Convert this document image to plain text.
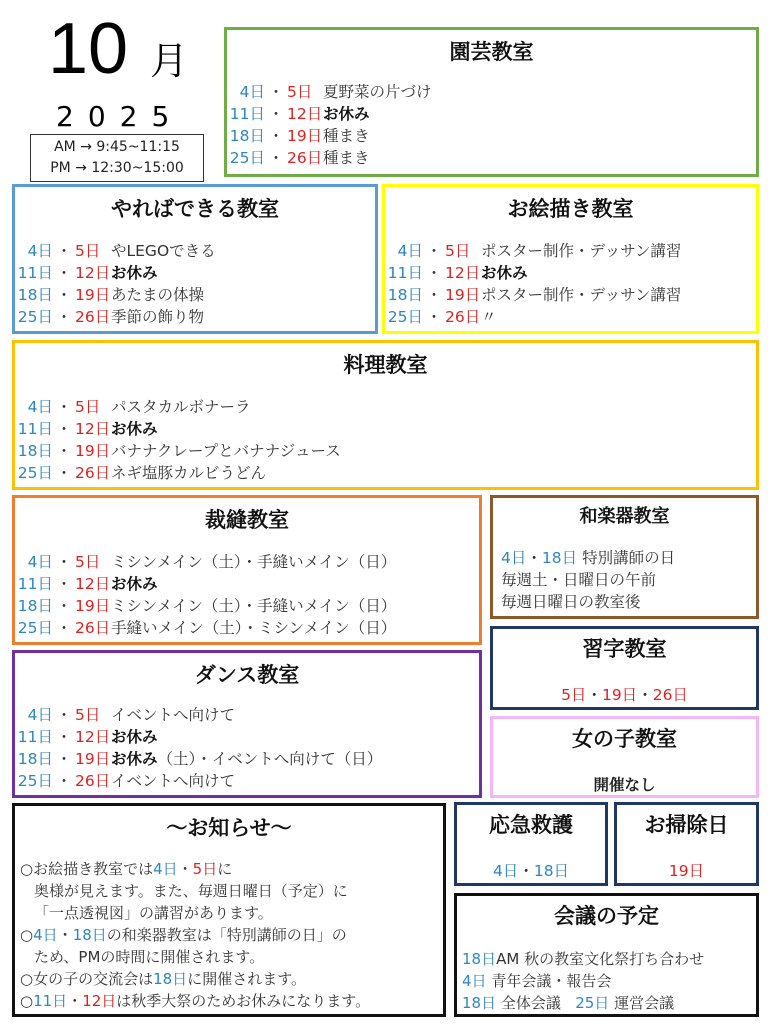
10 月
2025
AM → 9:45~11:15
PM → 12:30~15:00
園芸教室
4日 ・ 5日 夏野菜の片づけ
11日 ・ 12日お休み
18日 ・ 19日種まき
25日 ・ 26日種まき
やればできる教室
4日 ・ 5日 やLEGOできる
11日 ・ 12日お休み
18日 ・ 19日あたまの体操
25日 ・ 26日季節の飾り物
お絵描き教室
4日 ・ 5日 ポスター制作・デッサン講習
11日 ・ 12日お休み
18日 ・ 19日ポスター制作・デッサン講習
25日 ・ 26日〃
料理教室
4日 ・ 5日 パスタカルボナーラ
11日 ・ 12日お休み
18日 ・ 19日バナナクレープとバナナジュース
25日 ・ 26日ネギ塩豚カルビうどん
裁縫教室
4日 ・ 5日 ミシンメイン（土）・手縫いメイン（日）
11日 ・ 12日お休み
18日 ・ 19日ミシンメイン（土）・手縫いメイン（日）
25日 ・ 26日手縫いメイン（土）・ミシンメイン（日）
和楽器教室
4日・18日 特別講師の日
毎週土・日曜日の午前
毎週日曜日の教室後
ダンス教室
4日 ・ 5日 イベントへ向けて
11日 ・ 12日お休み
18日 ・ 19日お休み（土）・イベントへ向けて（日）
25日 ・ 26日イベントへ向けて
習字教室
5日・19日・26日
女の子教室
開催なし
～お知らせ～
○お絵描き教室では4日・5日に
奥様が見えます。また、毎週日曜日（予定）に
「一点透視図」の講習があります。
○4日・18日の和楽器教室は「特別講師の日」の
ため、PMの時間に開催されます。
○女の子の交流会は18日に開催されます。
○11日・12日は秋季大祭のためお休みになります。
応急救護
4日・18日
お掃除日
19日
会議の予定
18日AM 秋の教室文化祭打ち合わせ
4日 青年会議・報告会
18日 全体会議 25日 運営会議
